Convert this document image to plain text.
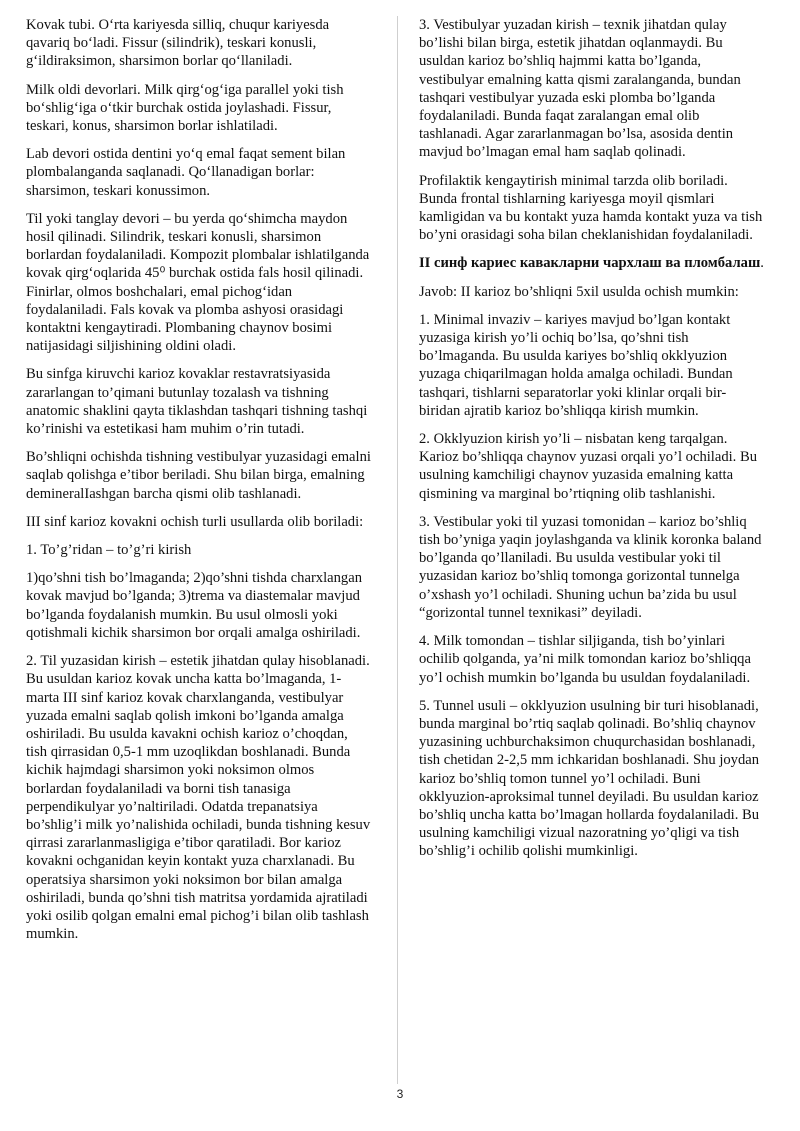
Kovak tubi. O‘rta kariyesda silliq, chuqur kariyesda qavariq bo‘ladi. Fissur (silindrik), teskari konusli, g‘ildiraksimon, sharsimon borlar qo‘llaniladi.

Milk oldi devorlari. Milk qirg‘og‘iga parallel yoki tish bo‘shlig‘iga o‘tkir burchak ostida joylashadi. Fissur, teskari, konus, sharsimon borlar ishlatiladi.

Lab devori ostida dentini yo‘q emal faqat sement bilan plombalanganda saqlanadi. Qo‘llanadigan borlar: sharsimon, teskari konussimon.

Til yoki tanglay devori – bu yerda qo‘shimcha maydon hosil qilinadi. Silindrik, teskari konusli, sharsimon borlardan foydalaniladi. Kompozit plombalar ishlatilganda kovak qirg‘oqlarida 45⁰ burchak ostida fals hosil qilinadi. Finirlar, olmos boshchalari, emal pichog‘idan foydalaniladi. Fals kovak va plomba ashyosi orasidagi kontaktni kengaytiradi. Plombaning chaynov bosimi natijasidagi siljishining oldini oladi.

Bu sinfga kiruvchi karioz kovaklar restavratsiyasida zararlangan to’qimani butunlay tozalash va tishning anatomic shaklini qayta tiklashdan tashqari tishning tashqi ko’rinishi va estetikasi ham muhim o’rin tutadi.

Bo’shliqni ochishda tishning vestibulyar yuzasidagi emalni saqlab qolishga e’tibor beriladi. Shu bilan birga, emalning demineralIashgan barcha qismi olib tashlanadi.

III sinf karioz kovakni ochish turli usullarda olib boriladi:

1. To’g’ridan – to’g’ri kirish

1)qo’shni tish bo’lmaganda; 2)qo’shni tishda charxlangan kovak mavjud bo’lganda; 3)trema va diastemalar mavjud bo’lganda foydalanish mumkin. Bu usul olmosli yoki qotishmali kichik sharsimon bor orqali amalga oshiriladi.

2. Til yuzasidan kirish – estetik jihatdan qulay hisoblanadi. Bu usuldan karioz kovak uncha katta bo’lmaganda, 1-marta III sinf karioz kovak charxlanganda, vestibulyar yuzada emalni saqlab qolish imkoni bo’lganda amalga oshiriladi. Bu usulda kavakni ochish karioz o’choqdan, tish qirrasidan 0,5-1 mm uzoqlikdan boshlanadi. Bunda kichik hajmdagi sharsimon yoki noksimon olmos borlardan foydalaniladi va borni tish tanasiga perpendikulyar yo’naltiriladi. Odatda trepanatsiya bo’shlig’i milk yo’nalishida ochiladi, bunda tishning kesuv qirrasi zararlanmasligiga e’tibor qaratiladi. Bor karioz kovakni ochganidan keyin kontakt yuza charxlanadi. Bu operatsiya sharsimon yoki noksimon bor bilan amalga oshiriladi, bunda qo’shni tish matritsa yordamida ajratiladi yoki osilib qolgan emalni emal pichog’i bilan olib tashlash mumkin.

3. Vestibulyar yuzadan kirish – texnik jihatdan qulay bo’lishi bilan birga, estetik jihatdan oqlanmaydi. Bu usuldan karioz bo’shliq hajmmi katta bo’lganda, vestibulyar emalning katta qismi zaralanganda, bundan tashqari vestibulyar yuzada eski plomba bo’lganda foydalaniladi. Bunda faqat zaralangan emal olib tashlanadi. Agar zararlanmagan bo’lsa, asosida dentin mavjud bo’lmagan emal ham saqlab qolinadi.

Profilaktik kengaytirish minimal tarzda olib boriladi. Bunda frontal tishlarning kariyesga moyil qismlari kamligidan va bu kontakt yuza hamda kontakt yuza va tish bo’yni orasidagi soha bilan cheklanishidan foydalaniladi.

II синф кариес кавакларни чархлаш ва пломбалаш.

Javob: II karioz bo’shliqni 5xil usulda ochish mumkin:

1. Minimal invaziv – kariyes mavjud bo’lgan kontakt yuzasiga kirish yo’li ochiq bo’lsa, qo’shni tish bo’lmaganda. Bu usulda kariyes bo’shliq okklyuzion yuzaga chiqarilmagan holda amalga ochiladi. Bundan tashqari, tishlarni separatorlar yoki klinlar orqali bir-biridan ajratib karioz bo’shliqqa kirish mumkin.

2. Okklyuzion kirish yo’li – nisbatan keng tarqalgan. Karioz bo’shliqqa chaynov yuzasi orqali yo’l ochiladi. Bu usulning kamchiligi chaynov yuzasida emalning katta qismining va marginal bo’rtiqning olib tashlanishi.

3. Vestibular yoki til yuzasi tomonidan – karioz bo’shliq tish bo’yniga yaqin joylashganda va klinik koronka baland bo’lganda qo’llaniladi. Bu usulda vestibular yoki til yuzasidan karioz bo’shliq tomonga gorizontal tunnelga o’xshash yo’l ochiladi. Shuning uchun ba’zida bu usul “gorizontal tunnel texnikasi” deyiladi.

4. Milk tomondan – tishlar siljiganda, tish bo’yinlari ochilib qolganda, ya’ni milk tomondan karioz bo’shliqqa yo’l ochish mumkin bo’lganda bu usuldan foydalaniladi.

5. Tunnel usuli – okklyuzion usulning bir turi hisoblanadi, bunda marginal bo’rtiq saqlab qolinadi. Bo’shliq chaynov yuzasining uchburchaksimon chuqurchasidan boshlanadi, tish chetidan 2-2,5 mm ichkaridan boshlanadi. Shu joydan karioz bo’shliq tomon tunnel yo’l ochiladi. Buni okklyuzion-aproksimal tunnel deyiladi. Bu usuldan karioz bo’shliq uncha katta bo’lmagan hollarda foydalaniladi. Bu usulning kamchiligi vizual nazoratning yo’qligi va tish bo’shlig’i ochilib qolishi mumkinligi.

3
